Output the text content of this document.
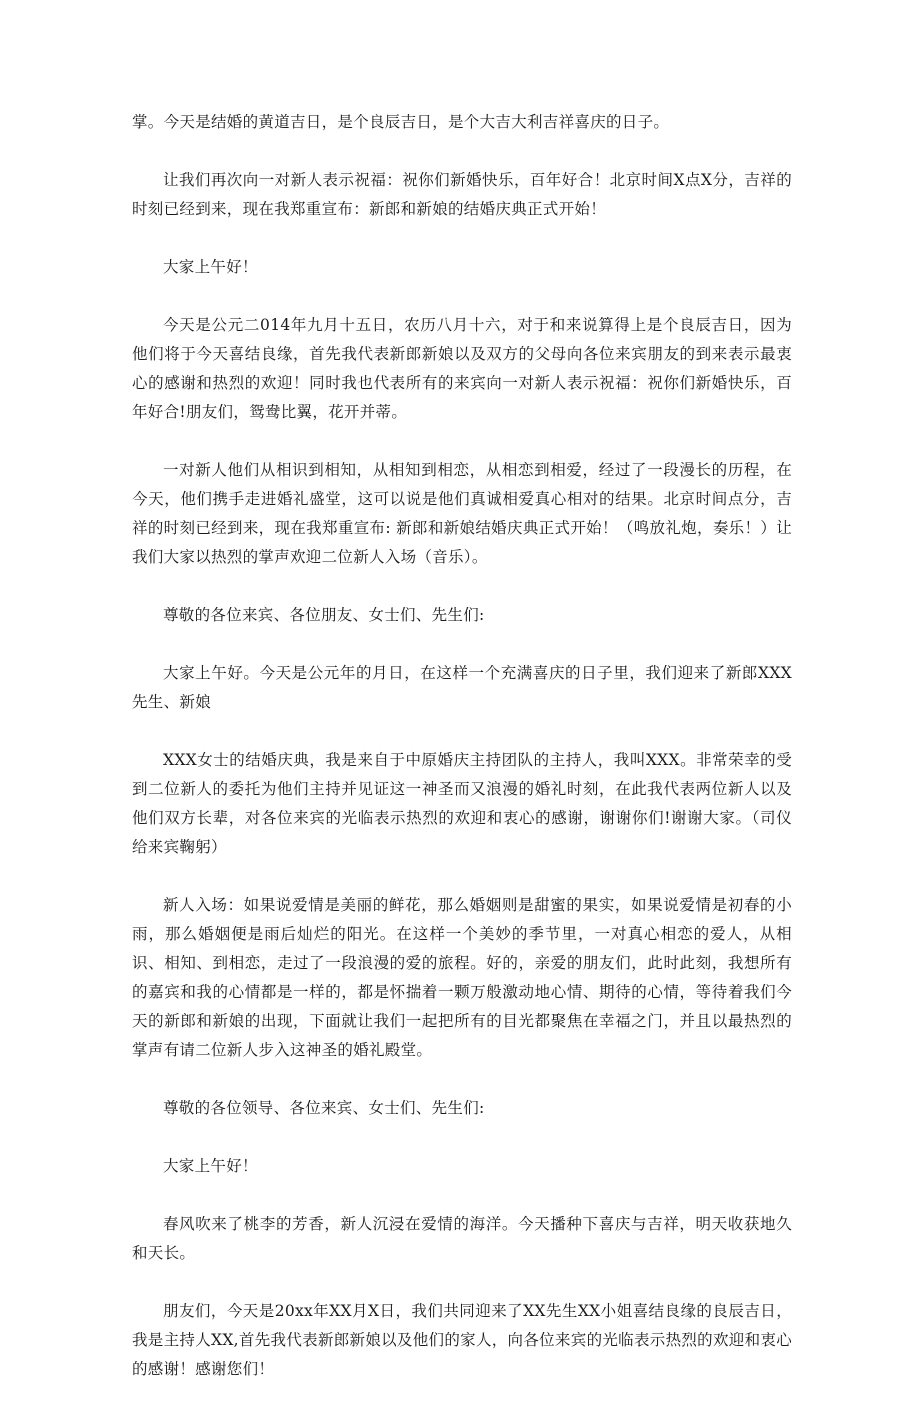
掌。今天是结婚的黄道吉日，是个良辰吉日，是个大吉大利吉祥喜庆的日子。

让我们再次向一对新人表示祝福：祝你们新婚快乐，百年好合！北京时间X点X分，吉祥的时刻已经到来，现在我郑重宣布：新郎和新娘的结婚庆典正式开始！

大家上午好！

今天是公元二014年九月十五日，农历八月十六，对于和来说算得上是个良辰吉日，因为他们将于今天喜结良缘，首先我代表新郎新娘以及双方的父母向各位来宾朋友的到来表示最衷心的感谢和热烈的欢迎！同时我也代表所有的来宾向一对新人表示祝福：祝你们新婚快乐，百年好合!朋友们，鸳鸯比翼，花开并蒂。

一对新人他们从相识到相知，从相知到相恋，从相恋到相爱，经过了一段漫长的历程，在今天，他们携手走进婚礼盛堂，这可以说是他们真诚相爱真心相对的结果。北京时间点分，吉祥的时刻已经到来，现在我郑重宣布: 新郎和新娘结婚庆典正式开始！（鸣放礼炮，奏乐！）让我们大家以热烈的掌声欢迎二位新人入场（音乐）。

尊敬的各位来宾、各位朋友、女士们、先生们:

大家上午好。今天是公元年的月日，在这样一个充满喜庆的日子里，我们迎来了新郎XXX先生、新娘

XXX女士的结婚庆典，我是来自于中原婚庆主持团队的主持人，我叫XXX。非常荣幸的受到二位新人的委托为他们主持并见证这一神圣而又浪漫的婚礼时刻，在此我代表两位新人以及他们双方长辈，对各位来宾的光临表示热烈的欢迎和衷心的感谢，谢谢你们!谢谢大家。（司仪给来宾鞠躬）

新人入场：如果说爱情是美丽的鲜花，那么婚姻则是甜蜜的果实，如果说爱情是初春的小雨，那么婚姻便是雨后灿烂的阳光。在这样一个美妙的季节里，一对真心相恋的爱人，从相识、相知、到相恋，走过了一段浪漫的爱的旅程。好的，亲爱的朋友们，此时此刻，我想所有的嘉宾和我的心情都是一样的，都是怀揣着一颗万般激动地心情、期待的心情，等待着我们今天的新郎和新娘的出现，下面就让我们一起把所有的目光都聚焦在幸福之门，并且以最热烈的掌声有请二位新人步入这神圣的婚礼殿堂。

尊敬的各位领导、各位来宾、女士们、先生们:

大家上午好！

春风吹来了桃李的芳香，新人沉浸在爱情的海洋。今天播种下喜庆与吉祥，明天收获地久和天长。

朋友们，今天是20xx年XX月X日，我们共同迎来了XX先生XX小姐喜结良缘的良辰吉日，我是主持人XX,首先我代表新郎新娘以及他们的家人，向各位来宾的光临表示热烈的欢迎和衷心的感谢！感谢您们！
